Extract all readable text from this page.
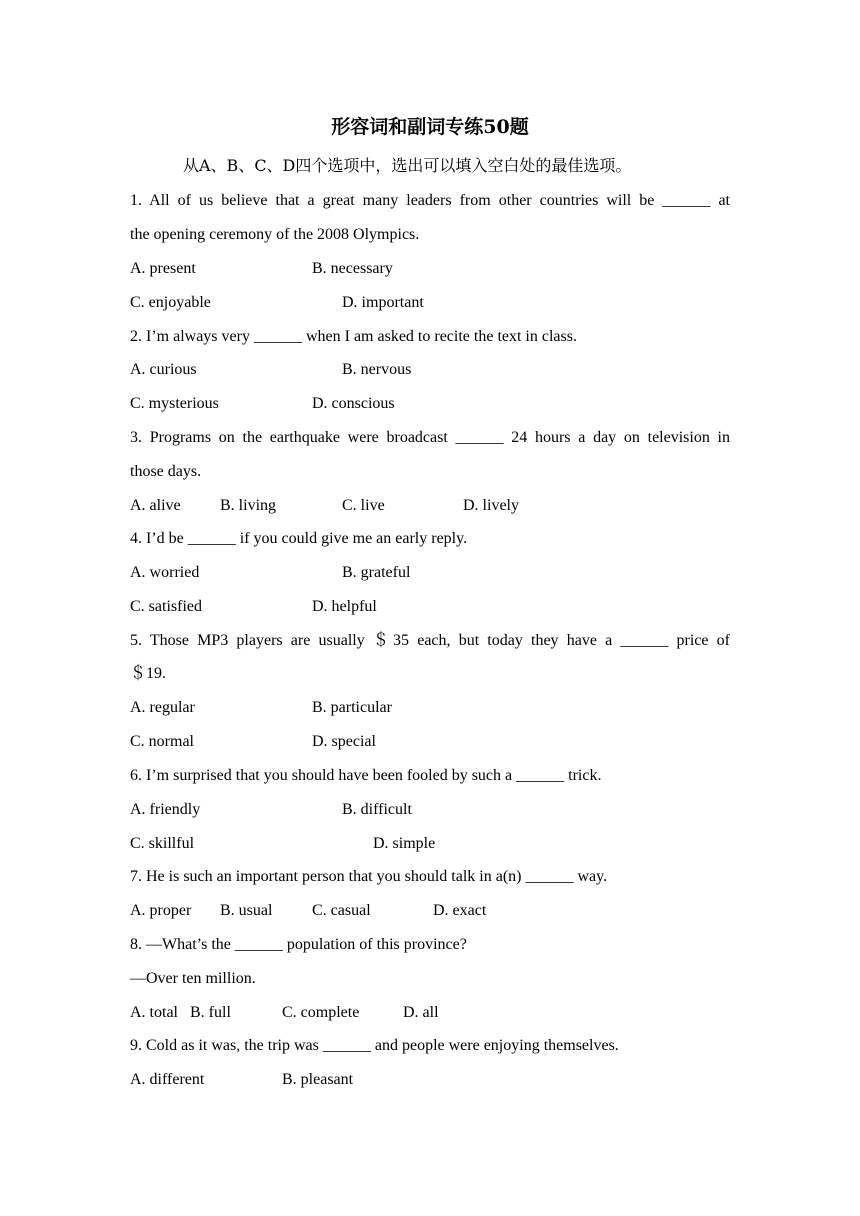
形容词和副词专练50题
从A、B、C、D四个选项中，选出可以填入空白处的最佳选项。
1. All of us believe that a great many leaders from other countries will be ______ at
the opening ceremony of the 2008 Olympics.
A. present	B. necessary
C. enjoyable	D. important
2. I’m always very ______ when I am asked to recite the text in class.
A. curious	B. nervous
C. mysterious	D. conscious
3. Programs on the earthquake were broadcast ______ 24 hours a day on television in
those days.
A. alive B. living	C. live	D. lively
4. I’d be ______ if you could give me an early reply.
A. worried	B. grateful
C. satisfied	D. helpful
5. Those MP3 players are usually ＄35 each, but today they have a ______ price of
＄19.
A. regular	B. particular
C. normal	D. special
6. I’m surprised that you should have been fooled by such a ______ trick.
A. friendly	B. difficult
C. skillful	D. simple
7. He is such an important person that you should talk in a(n) ______ way.
A. proper B. usual C. casual	D. exact
8. —What’s the ______ population of this province?
—Over ten million.
A. total B. full	C. complete	D. all
9. Cold as it was, the trip was ______ and people were enjoying themselves.
A. different	B. pleasant
